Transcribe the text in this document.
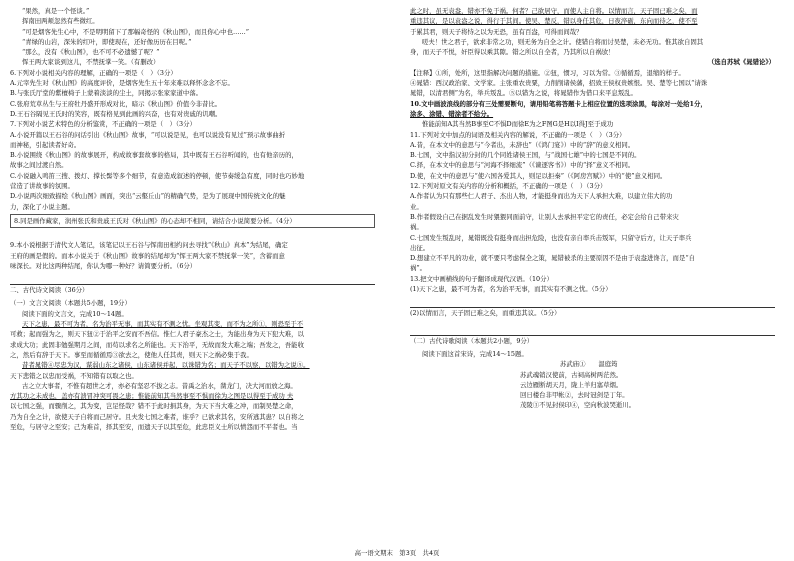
“果然，真是一个怪谈。”
挥南田两颊忽然有些微红。
“可是烟客先生心中，不是明明留下了那幅奇怪的《秋山图》，而且你心中也……”
“青绿的山岩，深朱的红叶，即使现在，还好像历历在目呢。”
“那么，没有《秋山图》，也不可不必遗憾了呢？”
恽王两大家谈到这儿，不禁抚掌一笑。（有删改）
6.下列对小说相关内容的理解，正确的一项是（　）（3分）
A.元宰先生对《秋山图》的高度评价，是烟客先生五十年来难以释怀念念不忘。
B.与张氏厅堂的紫檀椅子上蒙着淡淡的尘土，同揭示张家家道中落。
C.张府荒草丛生与王府牡丹盛开形成对比，暗示《秋山图》价值今非昔比。
D.王石谷隔见王氏时的笑容，既有格见到此画的兴奋，也有对贵戚的讥嘲。
7.下列对小说艺术特色的分析鉴赏，不正确的一项是（　）（3分）
A.小说开篇以王石谷的问话引出《秋山图》故事，“可以说是见，也可以说没有见过”预示故事曲折
而神秘，引起读者好奇。
B.小说围绕《秋山图》的故事展开，构成故事套故事的格局，其中既有王石谷听闻的，也有他亲历的，
故事之间过渡自然。
C.小说融入鸣笛三搜、拨灯、撑长髻等多个细节，有意造成叙述的停顿，使节奏缓急有度，同时也巧妙地
营造了讲故事的氛围。
D.小说两次细致描绘《秋山图》画面，突出“云壑丘山”的精确气势，是为了展现中国传统文化的魅
力，深化了小说主题。
8.同是画作藏家，润州张氏和贵戚王氏对《秋山图》的心态却不相同，请结合小说简要分析。（4分）
9.本小说根据于清代文人笔记，该笔记以王石谷与恽南田相约问去寻找“《秋山》真本”为结尾，确定
王府的画是假的。而本小说关于《秋山图》故事的结尾却为“恽王两大家不禁抚掌一笑”，含蓄而意
味深长。对比这两种结尾，你认为哪一种好？请简要分析。（6分）
二、古代诗文阅读（36分）
（一）文言文阅读（本题共5小题，19分）
阅读下面的文言文，完成10～14题。
天下之患，最不可为者，名为治平无事，而其实有不测之忧。坐观其变，而不为之所①，则恐至于不
可救；起而强为之，则天下狃②于治平之安而不吾信。惟仁人君子豪杰之士，为能出身为天下犯大难，以
求成大功；此固非勉强期月之间，而苟以求名之所能也。天下治平，无故而发大难之端；吾发之，吾能收
之，然后有辞于天下。事至而循循焉③欲去之，使他人任其责，则天下之祸必集于我。
昔者晁错④尽忠为汉，谋弱山东之诸侯，山东诸侯并起，以诛错为名；而天子不以察，以错为之说⑤。
天下悲错之以忠而受祸，不知错有以取之也。
古之立大事者，不惟有超世之才，亦必有坚忍不拔之志。昔禹之治水，凿龙门，决大河而放之海。
方其功之未成也，盖亦有溃冒冲突可畏之患；惟能前知其当然事至不惧而徐为之图是以得至于成功 夫
以七国之强，而骤削之，其为变，岂足怪哉？错不于此时捐其身，为天下当大难之冲，而制吴楚之命，
乃为自全之计，欲使天子自将而己居守。且夫发七国之难者，谁乎？已欲求其名，安所逃其患？以自将之
至危，与居守之至安；己为难首，择其至安，而遗天子以其至危，此忠臣义士所以愤怨而不平者也。当
此之时，虽无袁盎，错亦不免于祸。何者？己欲居守，而使人主自将。以情而言，天子固已难之矣，而
重违其议，是以袁盎之说，得行于其间。使吴、楚反，错以身任其危，日夜淬砺，东向而待之，使不至
于累其君，则天子将恃之以为无恐，虽有百盎，可得而间哉？
嗟夫！世之君子，欲求非常之功，则无务为自全之计。使错自将而讨吴楚，未必无功。惟其欲自固其
身，而天子不悦，奸臣得以乘其隙。错之所以自全者，乃其所以自祸欤！
（选自苏轼《晁错论》）
【注释】①所，处所，这里指解决问题的措施。②狃，惯习，习以为常。③循循焉，退缩的样子。
④晁错：西汉政治家、文学家。主张重农贵粟，力削削诸侯藩，招致王侯权贵嫉恨。吴、楚等七国以“请诛
晁错，以清君侧”为名，举兵叛乱。⑤以错为之说，将晁错作为借口来平息叛乱。
10.文中画波浪线的部分有三处需要断句，请用铅笔将答题卡上相应位置的选项涂黑，每涂对一处给1分，
涂多、涂错、错涂者不给分。
惟能前知A其当然B事至C不惧D而徐E为之F图G是H以I得J至于成功
11.下列对文中加点的词语及相关内容的解说，不正确的一项是（　）（3分）
A.昔，在本文中的意思与“今者出，未辞也”（《鸿门宴》）中的“辞”的意义相同。
B.七国，文中指汉初分封的几个同姓诸侯王国，与“战国七雄”中的七国是不同的。
C.择，在本文中的意思与“河海不择细流”（《谏逐客书》）中的“择”意义不相同。
D.使，在文中的意思与“使六国各爱其人，则足以拒秦”（《阿房宫赋》）中的“使”意义相同。
12.下列对原文有关内容的分析和概括，不正确的一项是（　）（3分）
A.作者认为只有那些仁人君子、杰出人物，才能挺身而出为天下人承担大难，以建立伟大的功
业。
B.作者假设自己在据乱发生时猥猥同面前守，让别人去承担平定它的责任，必定会给自己带来灾
祸。
C.七国发生叛乱时，晁错既没有挺身而出担危险，也没有亲自率兵击叛军，只留守后方，让天子率兵
出征。
D.想建立不平凡的功业，就不要只考虑保全之策，晁错被杀的主要原因不是由于袁盎进谗言，而是“自
祸”。
13.把文中画横线的句子翻译成现代汉语。（10分）
(1)天下之患，最不可为者，名为治平无事，而其实有不测之忧。（5分）
(2)以情而言，天子固已难之矣，而重违其议。（5分）
（二）古代诗歌阅读（本题共2小题，9分）
阅读下面这首宋诗，完成14～15题。
苏武庙①　　温庭筠
苏武魂销汉使前，古祠高树两茫然。
云边雁断胡天月，陇上羊归塞草烟。
回日楼台非甲帐②，去时冠剑是丁年。
茂陵③不见封侯印④，空向秋波哭逝川。
高一语文期末　第3页　共4页
